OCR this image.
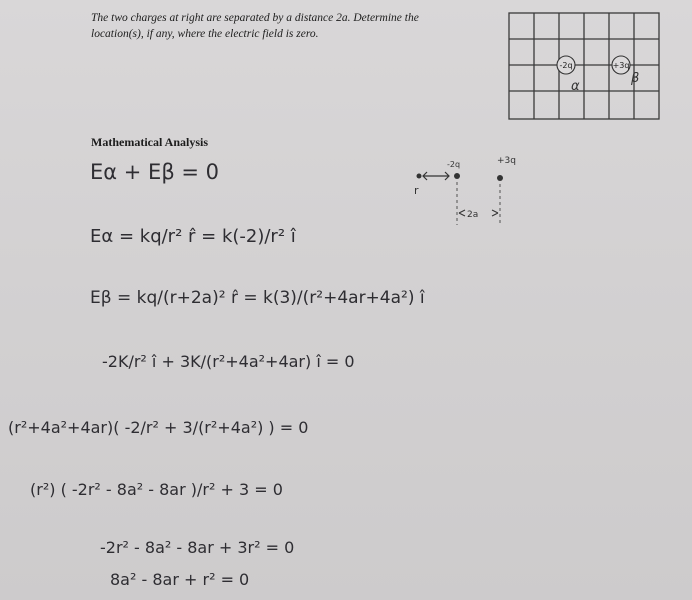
The two charges at right are separated by a distance 2a. Determine the
location(s), if any, where the electric field is zero.
-2q	+3q
α
β
Mathematical Analysis
-2q	+3q
r
2a
Eα + Eβ = 0
Eα = kq/r² r̂ = k(-2)/r² î
Eβ = kq/(r+2a)² r̂ = k(3)/(r²+4ar+4a²) î
-2K/r² î + 3K/(r²+4a²+4ar) î = 0
(r²+4a²+4ar)( -2/r² + 3/(r²+4a²) ) = 0
(r²) ( -2r² - 8a² - 8ar )/r² + 3 = 0
-2r² - 8a² - 8ar + 3r² = 0
8a² - 8ar + r² = 0
